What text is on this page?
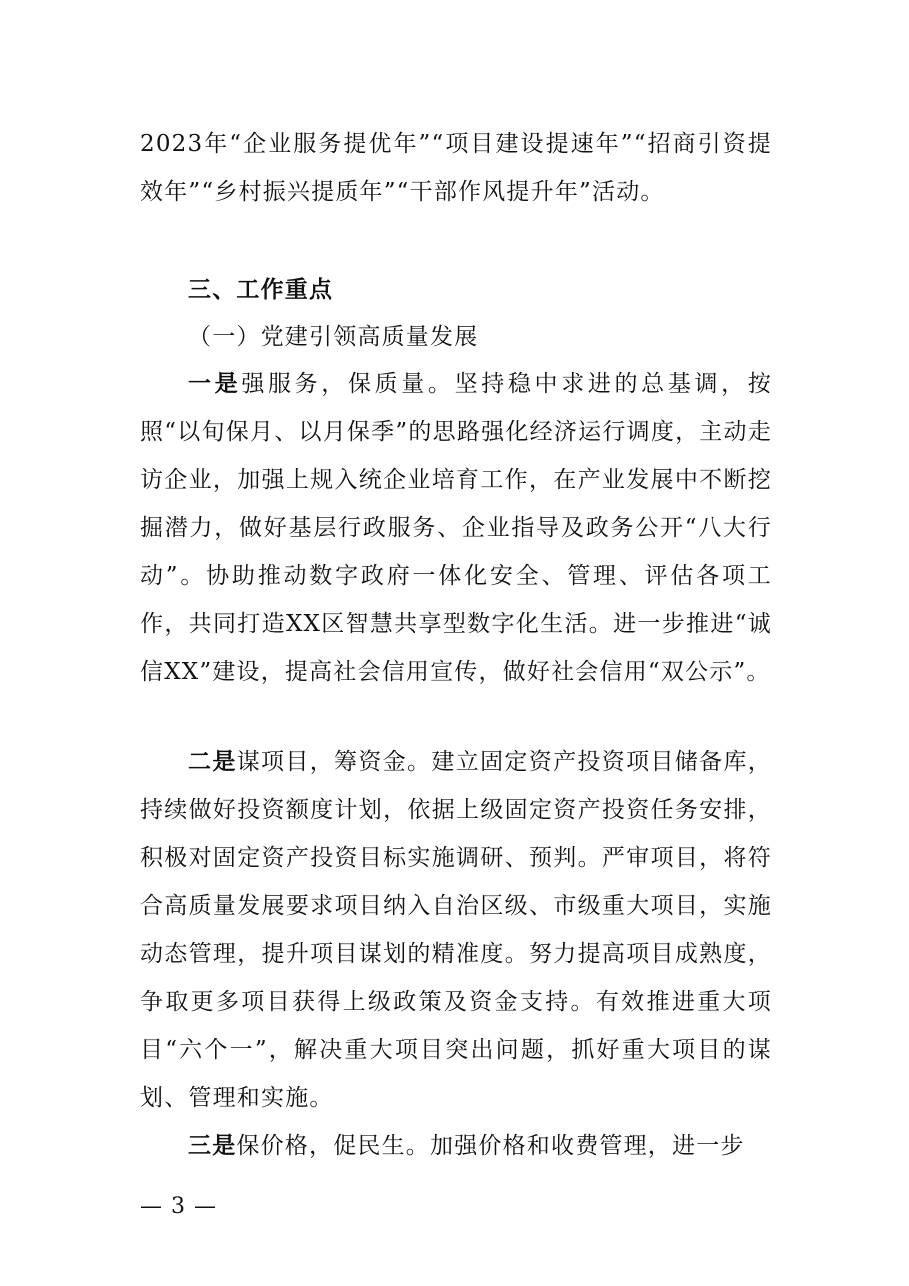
2023年“企业服务提优年”“项目建设提速年”“招商引资提效年”“乡村振兴提质年”“干部作风提升年”活动。
三、工作重点
（一）党建引领高质量发展
一是强服务，保质量。坚持稳中求进的总基调，按照“以旬保月、以月保季”的思路强化经济运行调度，主动走访企业，加强上规入统企业培育工作，在产业发展中不断挖掘潜力，做好基层行政服务、企业指导及政务公开“八大行动”。协助推动数字政府一体化安全、管理、评估各项工作，共同打造XX区智慧共享型数字化生活。进一步推进“诚信XX”建设，提高社会信用宣传，做好社会信用“双公示”。
二是谋项目，筹资金。建立固定资产投资项目储备库，持续做好投资额度计划，依据上级固定资产投资任务安排，积极对固定资产投资目标实施调研、预判。严审项目，将符合高质量发展要求项目纳入自治区级、市级重大项目，实施动态管理，提升项目谋划的精准度。努力提高项目成熟度，争取更多项目获得上级政策及资金支持。有效推进重大项目“六个一”，解决重大项目突出问题，抓好重大项目的谋划、管理和实施。
三是保价格，促民生。加强价格和收费管理，进一步
— 3 —
